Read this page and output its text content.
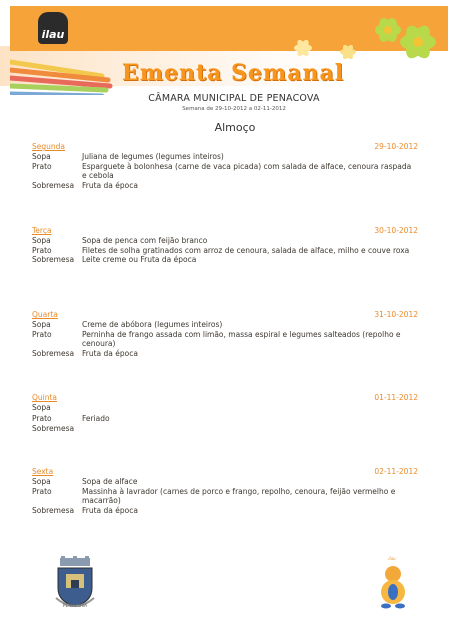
ilau
Ementa Semanal
CÂMARA MUNICIPAL DE PENACOVA
Semana de 29-10-2012 a 02-11-2012
Almoço
Segunda	29-10-2012
Sopa	Juliana de legumes (legumes inteiros)
Prato	Esparguete à bolonhesa (carne de vaca picada) com salada de alface, cenoura raspada e cebola
Sobremesa	Fruta da época
Terça	30-10-2012
Sopa	Sopa de penca com feijão branco
Prato	Filetes de solha gratinados com arroz de cenoura, salada de alface, milho e couve roxa
Sobremesa	Leite creme ou Fruta da época
Quarta	31-10-2012
Sopa	Creme de abóbora (legumes inteiros)
Prato	Perninha de frango assada com limão, massa espiral e legumes salteados (repolho e cenoura)
Sobremesa	Fruta da época
Quinta	01-11-2012
Sopa
Prato	Feriado
Sobremesa
Sexta	02-11-2012
Sopa	Sopa de alface
Prato	Massinha à lavrador (carnes de porco e frango, repolho, cenoura, feijão vermelho e macarrão)
Sobremesa	Fruta da época
PENACOVA
ilau
